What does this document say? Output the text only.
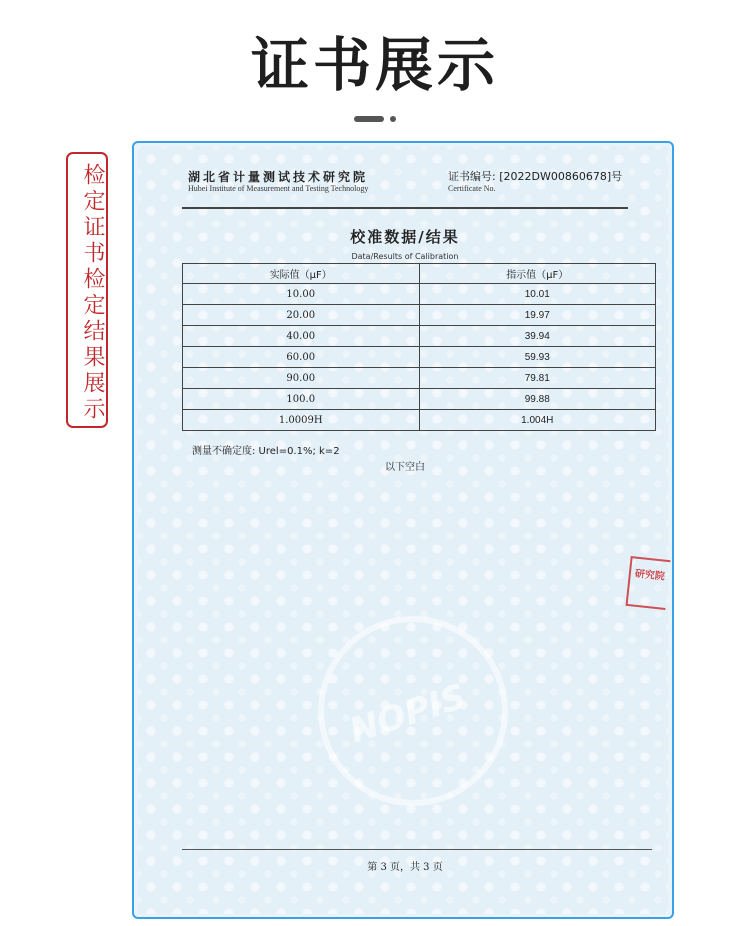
证书展示
检定证书检定结果展示
NOPIS
湖北省计量测试技术研究院
Hubei Institute of Measurement and Testing Technology
证书编号: [2022DW00860678]号
Certificate No.
校准数据/结果
Data/Results of Calibration
实际值（μF）	指示值（μF）
10.00	10.01
20.00	19.97
40.00	39.94
60.00	59.93
90.00	79.81
100.0	99.88
1.0009H	1.004H
测量不确定度: Urel=0.1%; k=2
以下空白
研究院
第 3 页，共 3 页
